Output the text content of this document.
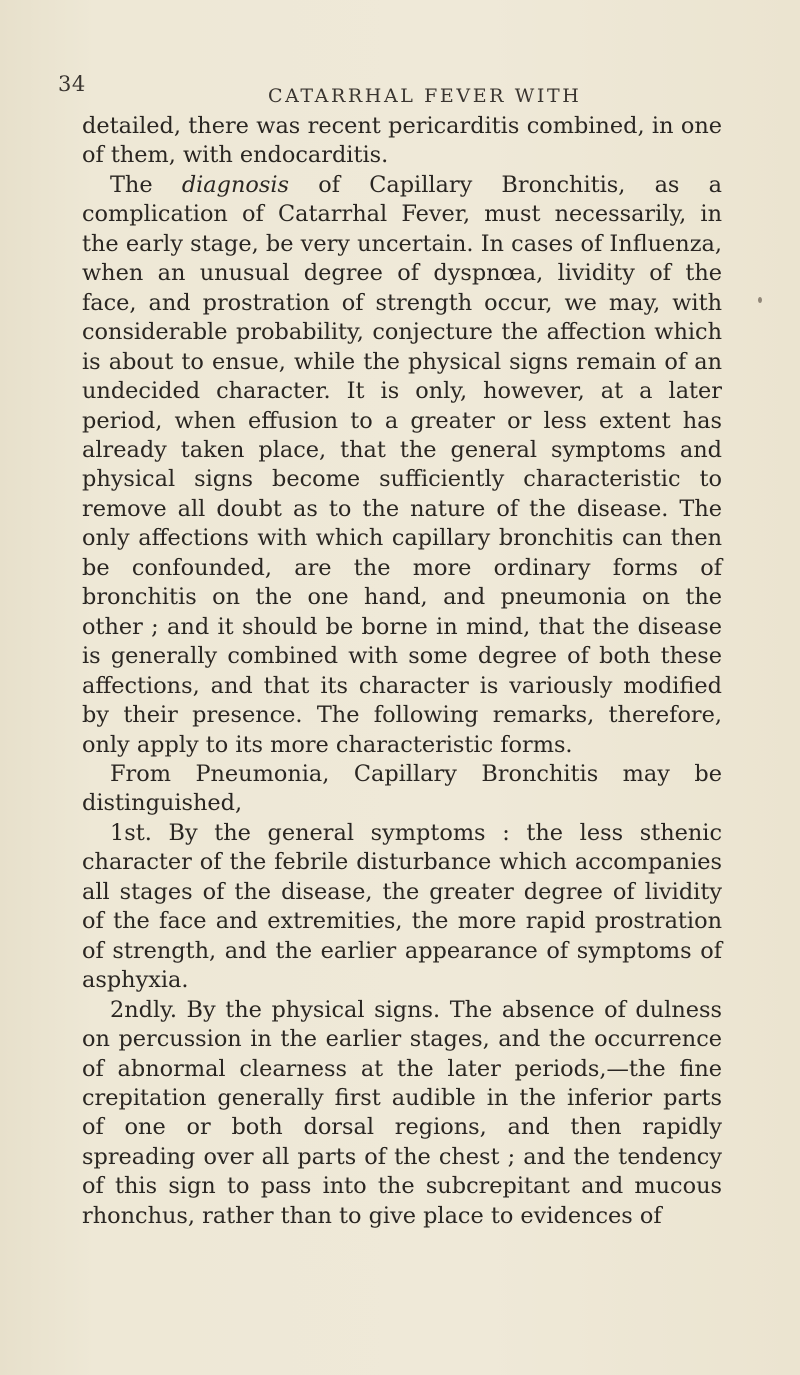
34	CATARRHAL FEVER WITH

detailed, there was recent pericarditis combined, in one of them, with endocarditis.

The diagnosis of Capillary Bronchitis, as a complication of Catarrhal Fever, must necessarily, in the early stage, be very uncertain. In cases of Influenza, when an unusual degree of dyspnœa, lividity of the face, and prostration of strength occur, we may, with considerable probability, conjecture the affection which is about to ensue, while the physical signs remain of an undecided character. It is only, however, at a later period, when effusion to a greater or less extent has already taken place, that the general symptoms and physical signs become sufficiently characteristic to remove all doubt as to the nature of the disease. The only affections with which capillary bronchitis can then be confounded, are the more ordinary forms of bronchitis on the one hand, and pneumonia on the other ; and it should be borne in mind, that the disease is generally combined with some degree of both these affections, and that its character is variously modified by their presence. The following remarks, therefore, only apply to its more characteristic forms.

From Pneumonia, Capillary Bronchitis may be distinguished,

1st. By the general symptoms : the less sthenic character of the febrile disturbance which accompanies all stages of the disease, the greater degree of lividity of the face and extremities, the more rapid prostration of strength, and the earlier appearance of symptoms of asphyxia.

2ndly. By the physical signs. The absence of dulness on percussion in the earlier stages, and the occurrence of abnormal clearness at the later periods,—the fine crepitation generally first audible in the inferior parts of one or both dorsal regions, and then rapidly spreading over all parts of the chest ; and the tendency of this sign to pass into the subcrepitant and mucous rhonchus, rather than to give place to evidences of
